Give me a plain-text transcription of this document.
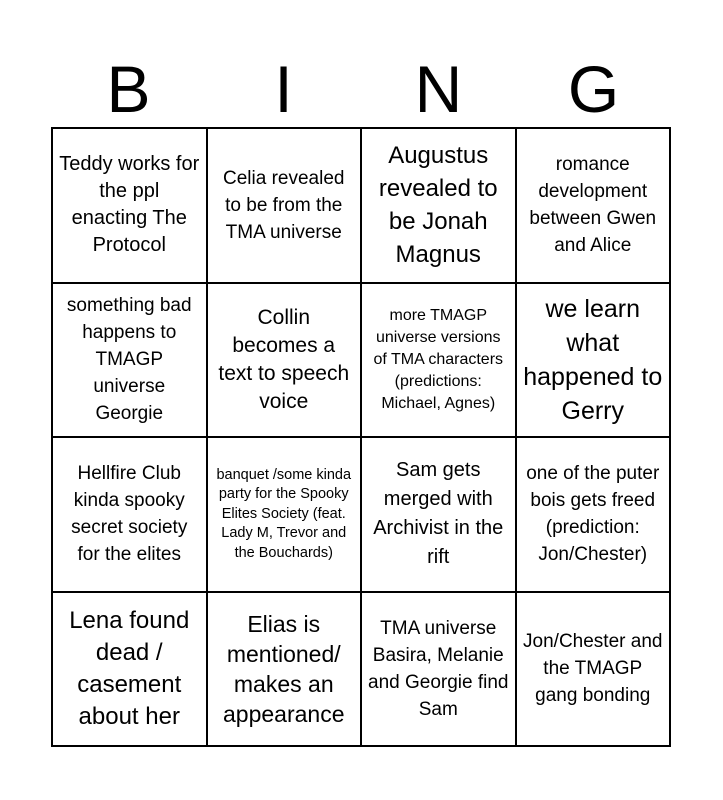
B	I	N	G
Teddy works for the ppl enacting The Protocol
Celia revealed to be from the TMA universe
Augustus revealed to be Jonah Magnus
romance development between Gwen and Alice
something bad happens to TMAGP universe Georgie
Collin becomes a text to speech voice
more TMAGP universe versions of TMA characters (predictions: Michael, Agnes)
we learn what happened to Gerry
Hellfire Club kinda spooky secret society for the elites
banquet /some kinda party for the Spooky Elites Society (feat. Lady M, Trevor and the Bouchards)
Sam gets merged with Archivist in the rift
one of the puter bois gets freed (prediction: Jon/Chester)
Lena found dead / casement about her
Elias is mentioned/ makes an appearance
TMA universe Basira, Melanie and Georgie find Sam
Jon/Chester and the TMAGP gang bonding
